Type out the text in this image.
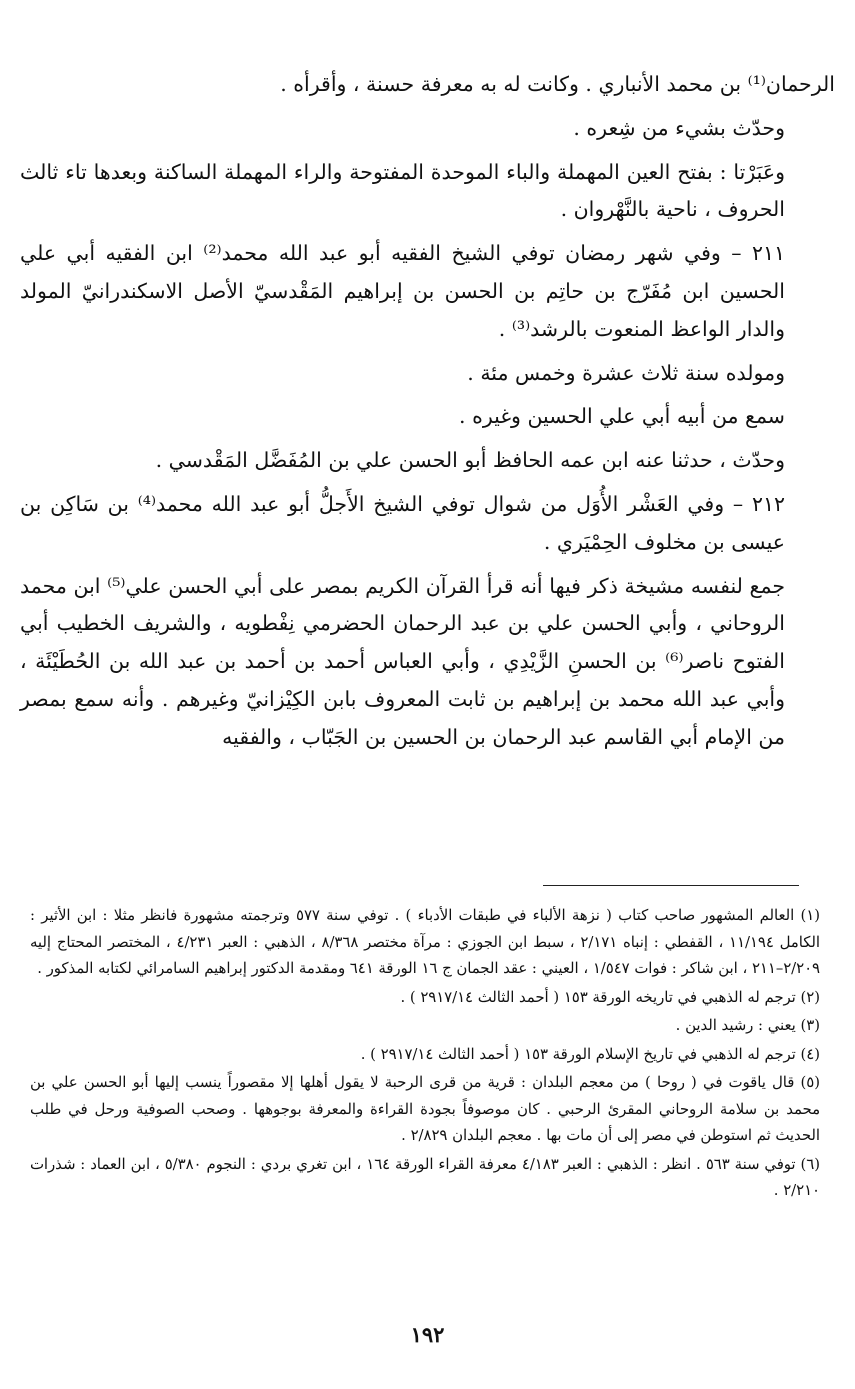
الرحمان⁽¹⁾ بن محمد الأنباري . وكانت له به معرفة حسنة ، وأقرأه .

وحدّث بشيء من شِعره .

وعَبَرْتا : بفتح العين المهملة والباء الموحدة المفتوحة والراء المهملة الساكنة وبعدها تاء ثالث الحروف ، ناحية بالنَّهْروان .

٢١١ – وفي شهر رمضان توفي الشيخ الفقيه أبو عبد الله محمد⁽²⁾ ابن الفقيه أبي علي الحسين ابن مُفَرّج بن حاتِم بن الحسن بن إبراهيم المَقْدسيّ الأصل الاسكندرانيّ المولد والدار الواعظ المنعوت بالرشد⁽³⁾ .

ومولده سنة ثلاث عشرة وخمس مئة .

سمع من أبيه أبي علي الحسين وغيره .

وحدّث ، حدثنا عنه ابن عمه الحافظ أبو الحسن علي بن المُفَضَّل المَقْدسي .

٢١٢ – وفي العَشْر الأُوَل من شوال توفي الشيخ الأَجلُّ أبو عبد الله محمد⁽⁴⁾ بن سَاكِن بن عيسى بن مخلوف الحِمْيَري .

جمع لنفسه مشيخة ذكر فيها أنه قرأ القرآن الكريم بمصر على أبي الحسن علي⁽⁵⁾ ابن محمد الروحاني ، وأبي الحسن علي بن عبد الرحمان الحضرمي نِفْطويه ، والشريف الخطيب أبي الفتوح ناصر⁽⁶⁾ بن الحسنِ الزَّيْدِي ، وأبي العباس أحمد بن أحمد بن عبد الله بن الحُطَيْئَة ، وأبي عبد الله محمد بن إبراهيم بن ثابت المعروف بابن الكِيْزانيّ وغيرهم . وأنه سمع بمصر من الإمام أبي القاسم عبد الرحمان بن الحسين بن الجَبّاب ، والفقيه

(١) العالم المشهور صاحب كتاب ( نزهة الألباء في طبقات الأدباء ) . توفي سنة ٥٧٧ وترجمته مشهورة فانظر مثلا : ابن الأثير : الكامل ١١/١٩٤ ، القفطي : إنباه ٢/١٧١ ، سبط ابن الجوزي : مرآة مختصر ٨/٣٦٨ ، الذهبي : العبر ٤/٢٣١ ، المختصر المحتاج إليه ٢/٢٠٩–٢١١ ، ابن شاكر : فوات ١/٥٤٧ ، العيني : عقد الجمان ج ١٦ الورقة ٦٤١ ومقدمة الدكتور إبراهيم السامرائي لكتابه المذكور .
(٢) ترجم له الذهبي في تاريخه الورقة ١٥٣ ( أحمد الثالث ٢٩١٧/١٤ ) .
(٣) يعني : رشيد الدين .
(٤) ترجم له الذهبي في تاريخ الإسلام الورقة ١٥٣ ( أحمد الثالث ٢٩١٧/١٤ ) .
(٥) قال ياقوت في ( روحا ) من معجم البلدان : قرية من قرى الرحبة لا يقول أهلها إلا مقصوراً ينسب إليها أبو الحسن علي بن محمد بن سلامة الروحاني المقرئ الرحبي . كان موصوفاً بجودة القراءة والمعرفة بوجوهها . وصحب الصوفية ورحل في طلب الحديث ثم استوطن في مصر إلى أن مات بها . معجم البلدان ٢/٨٢٩ .
(٦) توفي سنة ٥٦٣ . انظر : الذهبي : العبر ٤/١٨٣ معرفة القراء الورقة ١٦٤ ، ابن تغري بردي : النجوم ٥/٣٨٠ ، ابن العماد : شذرات ٢/٢١٠ .
١٩٢
